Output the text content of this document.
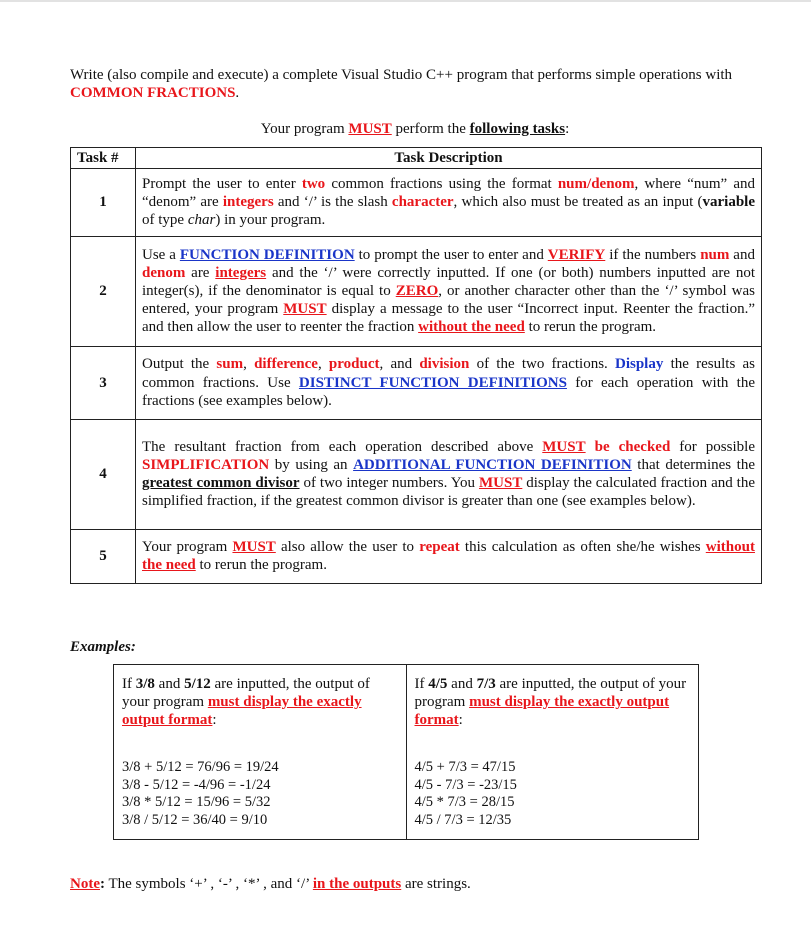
Write (also compile and execute) a complete Visual Studio C++ program that performs simple operations with COMMON FRACTIONS.
Your program MUST perform the following tasks:
Task #	Task Description
1	Prompt the user to enter two common fractions using the format num/denom, where “num” and “denom” are integers and ‘/’ is the slash character, which also must be treated as an input (variable of type char) in your program.
2	Use a FUNCTION DEFINITION to prompt the user to enter and VERIFY if the numbers num and denom are integers and the ‘/’ were correctly inputted. If one (or both) numbers inputted are not integer(s), if the denominator is equal to ZERO, or another character other than the ‘/’ symbol was entered, your program MUST display a message to the user “Incorrect input. Reenter the fraction.” and then allow the user to reenter the fraction without the need to rerun the program.
3	Output the sum, difference, product, and division of the two fractions. Display the results as common fractions. Use DISTINCT FUNCTION DEFINITIONS for each operation with the fractions (see examples below).
4	The resultant fraction from each operation described above MUST be checked for possible SIMPLIFICATION by using an ADDITIONAL FUNCTION DEFINITION that determines the greatest common divisor of two integer numbers. You MUST display the calculated fraction and the simplified fraction, if the greatest common divisor is greater than one (see examples below).
5	Your program MUST also allow the user to repeat this calculation as often she/he wishes without the need to rerun the program.
Examples:
If 3/8 and 5/12 are inputted, the output of your program must display the exactly output format:
3/8 + 5/12 = 76/96 = 19/24
3/8 - 5/12 = -4/96 = -1/24
3/8 * 5/12 = 15/96 = 5/32
3/8 / 5/12 = 36/40 = 9/10
If 4/5 and 7/3 are inputted, the output of your program must display the exactly output format:
4/5 + 7/3 = 47/15
4/5 - 7/3 = -23/15
4/5 * 7/3 = 28/15
4/5 / 7/3 = 12/35
Note: The symbols ‘+’ , ‘-’ , ‘*’ , and ‘/’ in the outputs are strings.
